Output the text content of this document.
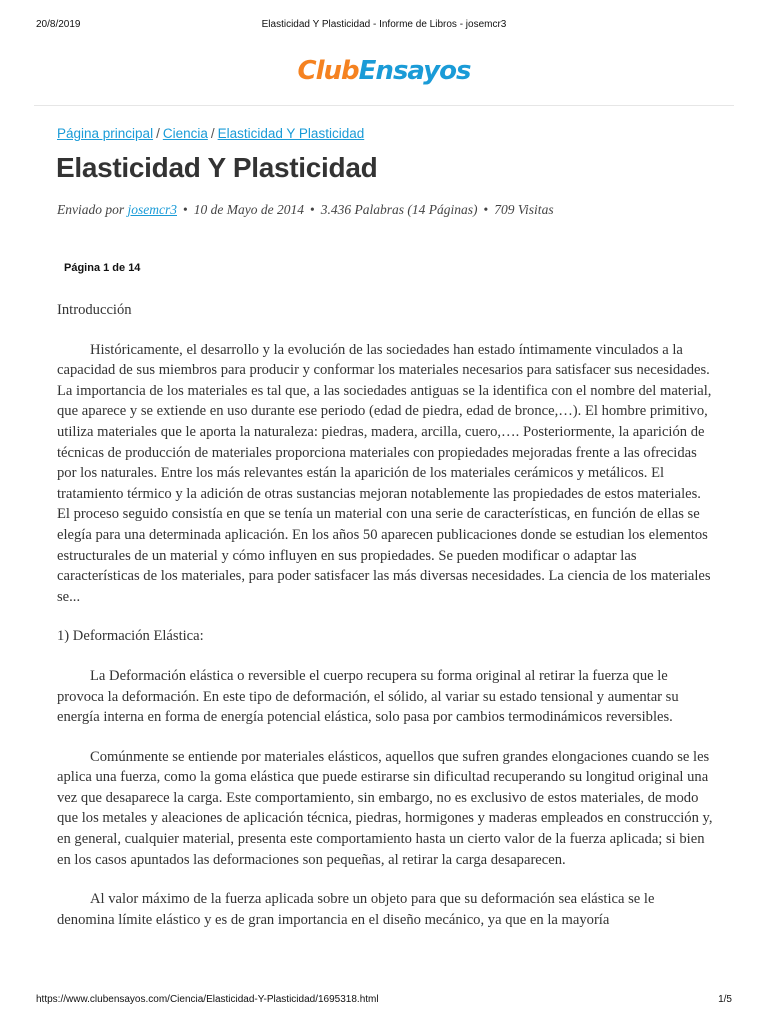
20/8/2019	Elasticidad Y Plasticidad - Informe de Libros - josemcr3
ClubEnsayos
Página principal / Ciencia / Elasticidad Y Plasticidad
Elasticidad Y Plasticidad
Enviado por josemcr3 • 10 de Mayo de 2014 • 3.436 Palabras (14 Páginas) • 709 Visitas
Página 1 de 14

Introducción

Históricamente, el desarrollo y la evolución de las sociedades han estado íntimamente vinculados a la capacidad de sus miembros para producir y conformar los materiales necesarios para satisfacer sus necesidades. La importancia de los materiales es tal que, a las sociedades antiguas se la identifica con el nombre del material, que aparece y se extiende en uso durante ese periodo (edad de piedra, edad de bronce,…). El hombre primitivo, utiliza materiales que le aporta la naturaleza: piedras, madera, arcilla, cuero,…. Posteriormente, la aparición de técnicas de producción de materiales proporciona materiales con propiedades mejoradas frente a las ofrecidas por los naturales. Entre los más relevantes están la aparición de los materiales cerámicos y metálicos. El tratamiento térmico y la adición de otras sustancias mejoran notablemente las propiedades de estos materiales. El proceso seguido consistía en que se tenía un material con una serie de características, en función de ellas se elegía para una determinada aplicación. En los años 50 aparecen publicaciones donde se estudian los elementos estructurales de un material y cómo influyen en sus propiedades. Se pueden modificar o adaptar las características de los materiales, para poder satisfacer las más diversas necesidades. La ciencia de los materiales se...

1) Deformación Elástica:

La Deformación elástica o reversible el cuerpo recupera su forma original al retirar la fuerza que le provoca la deformación. En este tipo de deformación, el sólido, al variar su estado tensional y aumentar su energía interna en forma de energía potencial elástica, solo pasa por cambios termodinámicos reversibles.

Comúnmente se entiende por materiales elásticos, aquellos que sufren grandes elongaciones cuando se les aplica una fuerza, como la goma elástica que puede estirarse sin dificultad recuperando su longitud original una vez que desaparece la carga. Este comportamiento, sin embargo, no es exclusivo de estos materiales, de modo que los metales y aleaciones de aplicación técnica, piedras, hormigones y maderas empleados en construcción y, en general, cualquier material, presenta este comportamiento hasta un cierto valor de la fuerza aplicada; si bien en los casos apuntados las deformaciones son pequeñas, al retirar la carga desaparecen.

Al valor máximo de la fuerza aplicada sobre un objeto para que su deformación sea elástica se le denomina límite elástico y es de gran importancia en el diseño mecánico, ya que en la mayoría

https://www.clubensayos.com/Ciencia/Elasticidad-Y-Plasticidad/1695318.html	1/5
